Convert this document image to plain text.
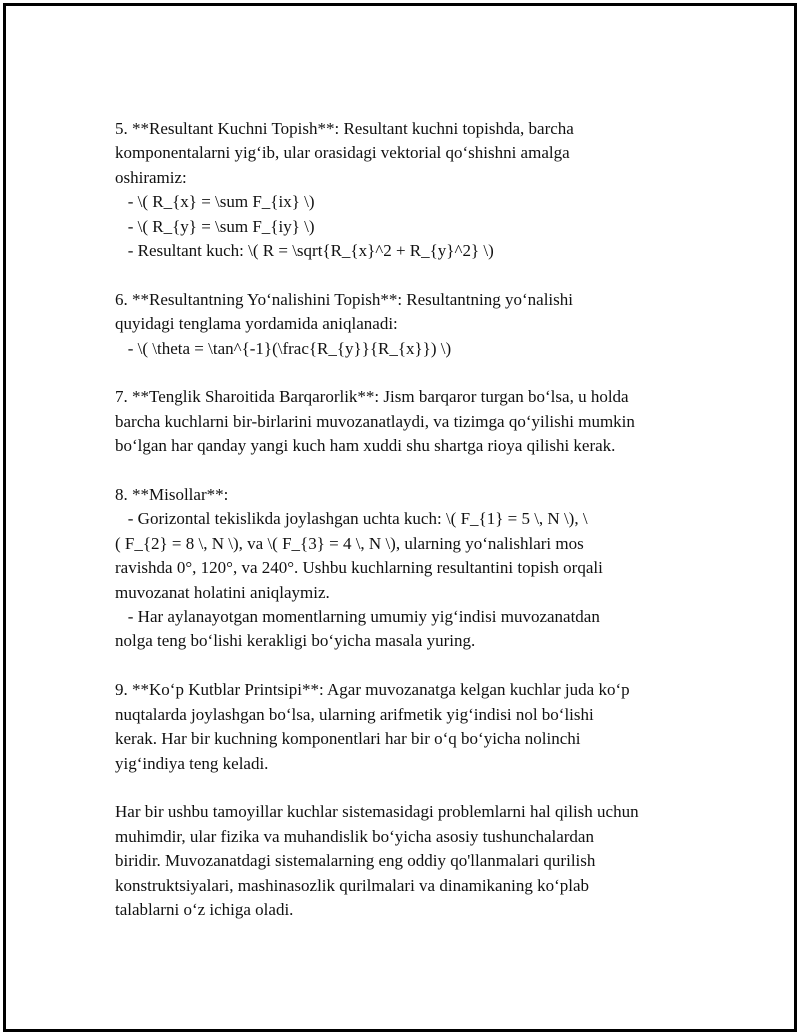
5. **Resultant Kuchni Topish**: Resultant kuchni topishda, barcha
komponentalarni yig‘ib, ular orasidagi vektorial qo‘shishni amalga
oshiramiz:
- \( R_{x} = \sum F_{ix} \)
- \( R_{y} = \sum F_{iy} \)
- Resultant kuch: \( R = \sqrt{R_{x}^2 + R_{y}^2} \)
6. **Resultantning Yo‘nalishini Topish**: Resultantning yo‘nalishi
quyidagi tenglama yordamida aniqlanadi:
- \( \theta = \tan^{-1}(\frac{R_{y}}{R_{x}}) \)
7. **Tenglik Sharoitida Barqarorlik**: Jism barqaror turgan bo‘lsa, u holda
barcha kuchlarni bir-birlarini muvozanatlaydi, va tizimga qo‘yilishi mumkin
bo‘lgan har qanday yangi kuch ham xuddi shu shartga rioya qilishi kerak.
8. **Misollar**:
- Gorizontal tekislikda joylashgan uchta kuch: \( F_{1} = 5 \, N \), \
( F_{2} = 8 \, N \), va \( F_{3} = 4 \, N \), ularning yo‘nalishlari mos
ravishda 0°, 120°, va 240°. Ushbu kuchlarning resultantini topish orqali
muvozanat holatini aniqlaymiz.
- Har aylanayotgan momentlarning umumiy yig‘indisi muvozanatdan
nolga teng bo‘lishi kerakligi bo‘yicha masala yuring.
9. **Ko‘p Kutblar Printsipi**: Agar muvozanatga kelgan kuchlar juda ko‘p
nuqtalarda joylashgan bo‘lsa, ularning arifmetik yig‘indisi nol bo‘lishi
kerak. Har bir kuchning komponentlari har bir o‘q bo‘yicha nolinchi
yig‘indiya teng keladi.
Har bir ushbu tamoyillar kuchlar sistemasidagi problemlarni hal qilish uchun
muhimdir, ular fizika va muhandislik bo‘yicha asosiy tushunchalardan
biridir. Muvozanatdagi sistemalarning eng oddiy qo'llanmalari qurilish
konstruktsiyalari, mashinasozlik qurilmalari va dinamikaning ko‘plab
talablarni o‘z ichiga oladi.
